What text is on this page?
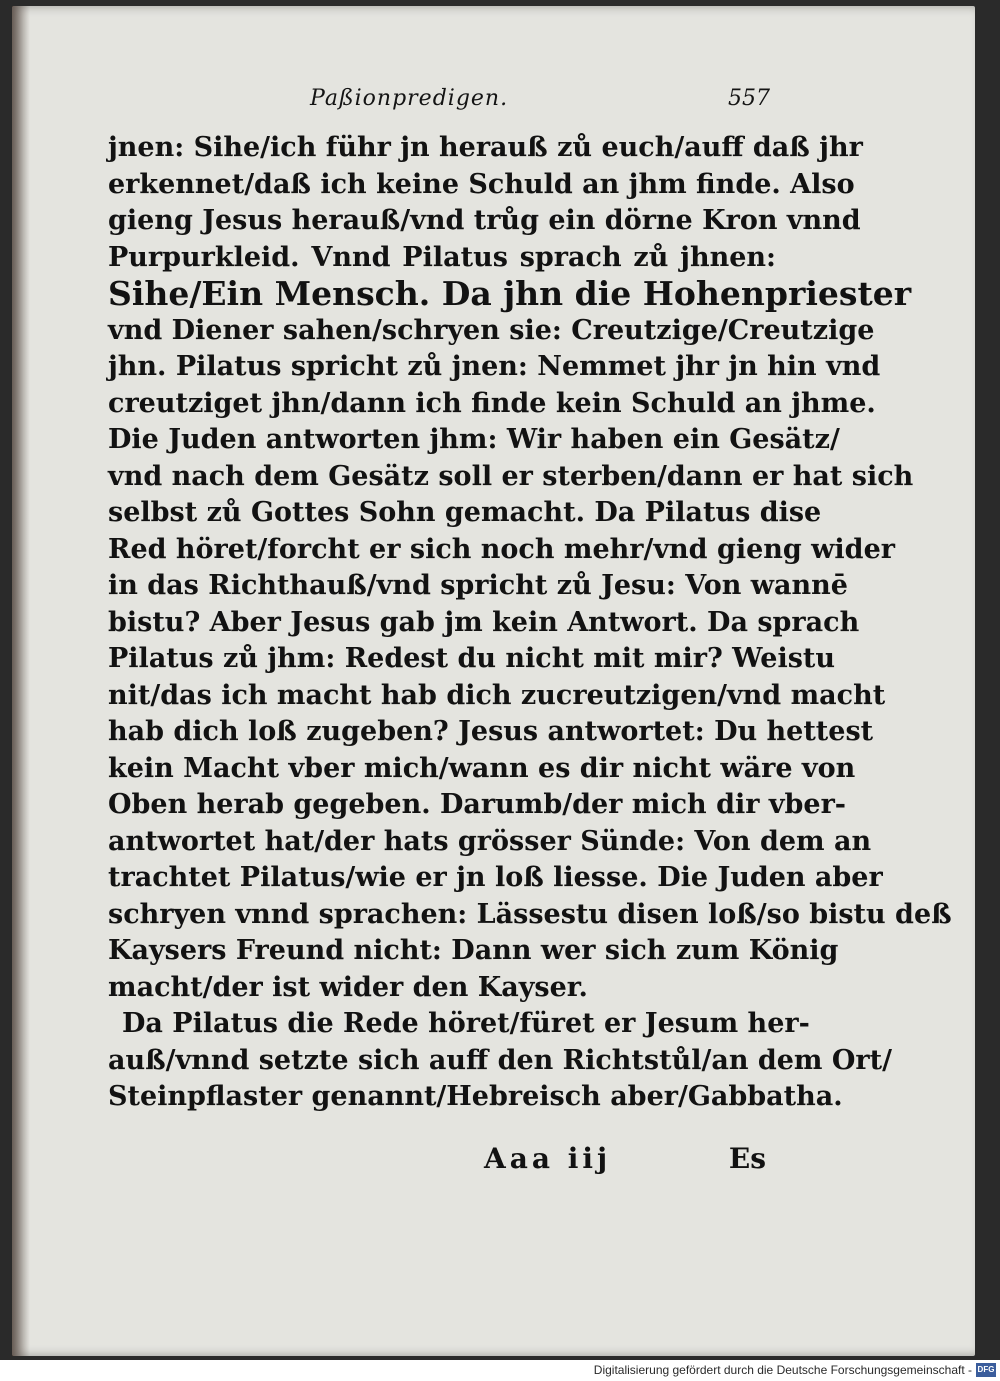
Paßionpredigen.	557
jnen: Sihe/ich führ jn herauß zů euch/auff daß jhr
erkennet/daß ich keine Schuld an jhm finde. Also
gieng Jesus herauß/vnd trůg ein dörne Kron vnnd
Purpurkleid. Vnnd Pilatus sprach zů jhnen:
Sihe/Ein Mensch. Da jhn die Hohenpriester
vnd Diener sahen/schryen sie: Creutzige/Creutzige
jhn. Pilatus spricht zů jnen: Nemmet jhr jn hin vnd
creutziget jhn/dann ich finde kein Schuld an jhme.
Die Juden antworten jhm: Wir haben ein Gesätz/
vnd nach dem Gesätz soll er sterben/dann er hat sich
selbst zů Gottes Sohn gemacht. Da Pilatus dise
Red höret/forcht er sich noch mehr/vnd gieng wider
in das Richthauß/vnd spricht zů Jesu: Von wannē
bistu? Aber Jesus gab jm kein Antwort. Da sprach
Pilatus zů jhm: Redest du nicht mit mir? Weistu
nit/das ich macht hab dich zucreutzigen/vnd macht
hab dich loß zugeben? Jesus antwortet: Du hettest
kein Macht vber mich/wann es dir nicht wäre von
Oben herab gegeben. Darumb/der mich dir vber-
antwortet hat/der hats grösser Sünde: Von dem an
trachtet Pilatus/wie er jn loß liesse. Die Juden aber
schryen vnnd sprachen: Lässestu disen loß/so bistu deß
Kaysers Freund nicht: Dann wer sich zum König
macht/der ist wider den Kayser.
Da Pilatus die Rede höret/füret er Jesum her-
auß/vnnd setzte sich auff den Richtstůl/an dem Ort/
Steinpflaster genannt/Hebreisch aber/Gabbatha.
Aaa iij	Es
Digitalisierung gefördert durch die Deutsche Forschungsgemeinschaft - DFG
